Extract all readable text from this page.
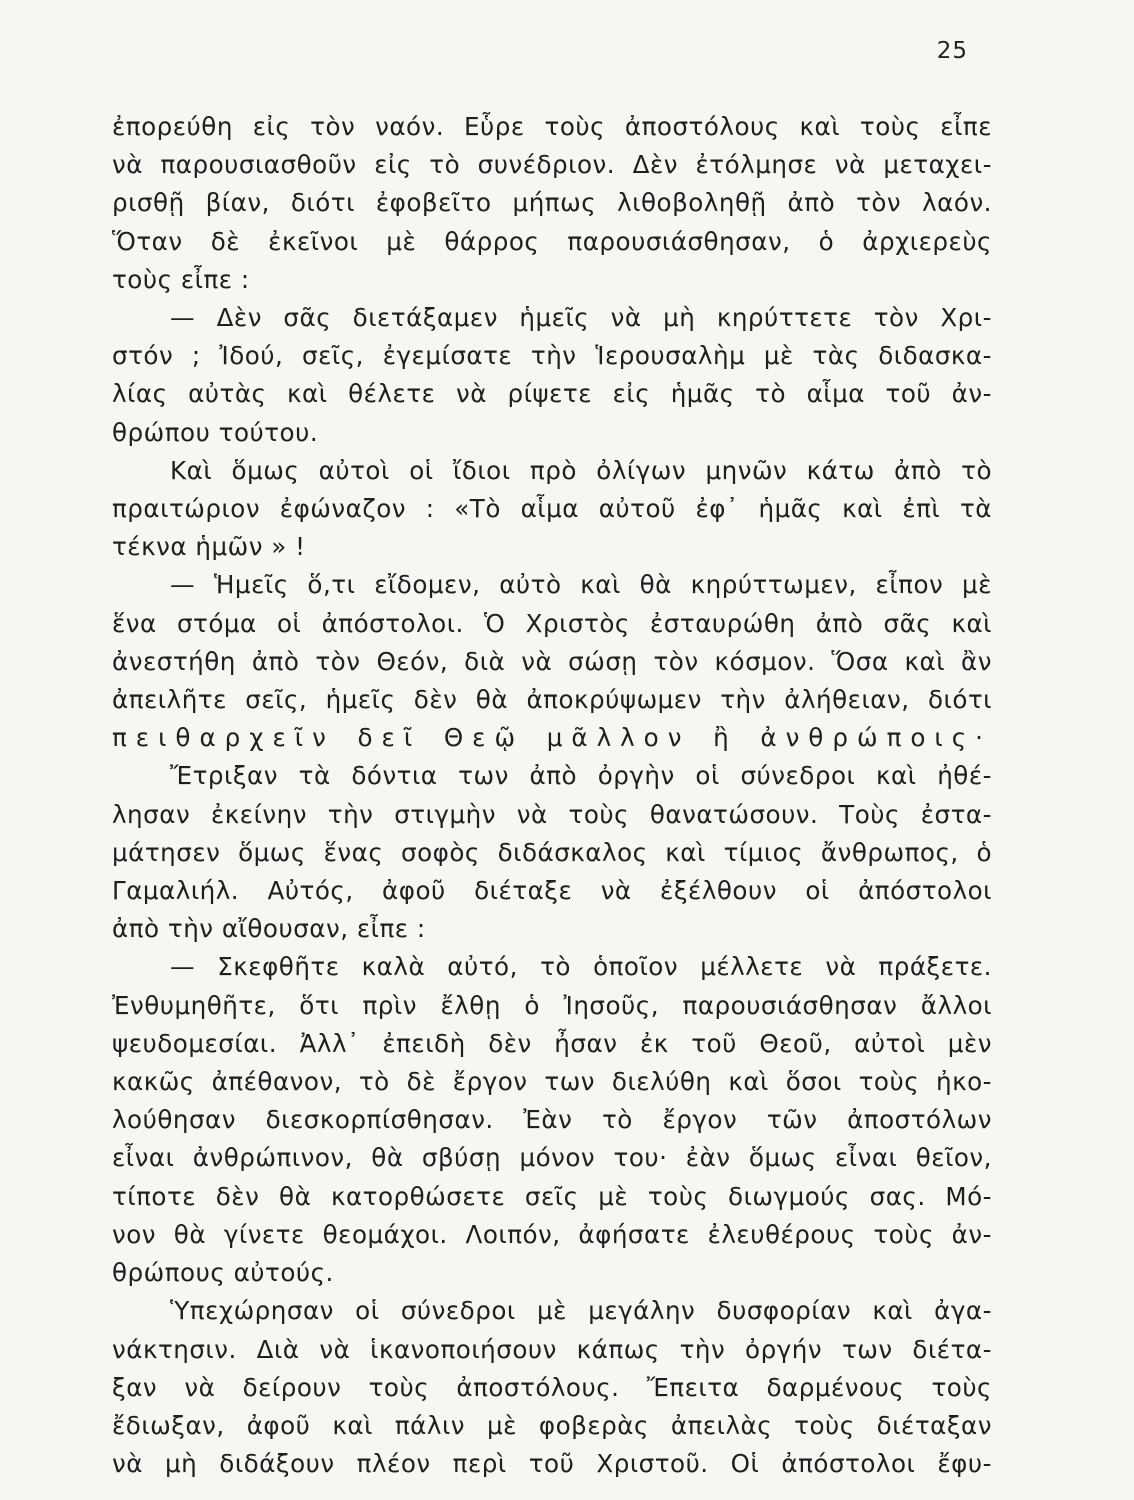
25
ἐπορεύθη εἰς τὸν ναόν. Εὗρε τοὺς ἀποστόλους καὶ τοὺς εἶπε
νὰ παρουσιασθοῦν εἰς τὸ συνέδριον. Δὲν ἐτόλμησε νὰ μεταχει-
ρισθῇ βίαν, διότι ἐφοβεῖτο μήπως λιθοβοληθῇ ἀπὸ τὸν λαόν.
Ὅταν δὲ ἐκεῖνοι μὲ θάρρος παρουσιάσθησαν, ὁ ἀρχιερεὺς
τοὺς εἶπε :
— Δὲν σᾶς διετάξαμεν ἡμεῖς νὰ μὴ κηρύττετε τὸν Χρι-
στόν ; Ἰδού, σεῖς, ἐγεμίσατε τὴν Ἱερουσαλὴμ μὲ τὰς διδασκα-
λίας αὐτὰς καὶ θέλετε νὰ ρίψετε εἰς ἡμᾶς τὸ αἷμα τοῦ ἀν-
θρώπου τούτου.
Καὶ ὅμως αὐτοὶ οἱ ἴδιοι πρὸ ὀλίγων μηνῶν κάτω ἀπὸ τὸ
πραιτώριον ἐφώναζον : «Τὸ αἷμα αὐτοῦ ἐφ᾽ ἡμᾶς καὶ ἐπὶ τὰ
τέκνα ἡμῶν » !
— Ἡμεῖς ὅ,τι εἴδομεν, αὐτὸ καὶ θὰ κηρύττωμεν, εἶπον μὲ
ἕνα στόμα οἱ ἀπόστολοι. Ὁ Χριστὸς ἐσταυρώθη ἀπὸ σᾶς καὶ
ἀνεστήθη ἀπὸ τὸν Θεόν, διὰ νὰ σώσῃ τὸν κόσμον. Ὅσα καὶ ἂν
ἀπειλῆτε σεῖς, ἡμεῖς δὲν θὰ ἀποκρύψωμεν τὴν ἀλήθειαν, διότι
πειθαρχεῖν δεῖ Θεῷ μᾶλλον ἢ ἀνθρώποις·
Ἔτριξαν τὰ δόντια των ἀπὸ ὀργὴν οἱ σύνεδροι καὶ ἠθέ-
λησαν ἐκείνην τὴν στιγμὴν νὰ τοὺς θανατώσουν. Τοὺς ἐστα-
μάτησεν ὅμως ἕνας σοφὸς διδάσκαλος καὶ τίμιος ἄνθρωπος, ὁ
Γαμαλιήλ. Αὐτός, ἀφοῦ διέταξε νὰ ἐξέλθουν οἱ ἀπόστολοι
ἀπὸ τὴν αἴθουσαν, εἶπε :
— Σκεφθῆτε καλὰ αὐτό, τὸ ὁποῖον μέλλετε νὰ πράξετε.
Ἐνθυμηθῆτε, ὅτι πρὶν ἔλθῃ ὁ Ἰησοῦς, παρουσιάσθησαν ἄλλοι
ψευδομεσίαι. Ἀλλ᾽ ἐπειδὴ δὲν ἦσαν ἐκ τοῦ Θεοῦ, αὐτοὶ μὲν
κακῶς ἀπέθανον, τὸ δὲ ἔργον των διελύθη καὶ ὅσοι τοὺς ἠκο-
λούθησαν διεσκορπίσθησαν. Ἐὰν τὸ ἔργον τῶν ἀποστόλων
εἶναι ἀνθρώπινον, θὰ σβύσῃ μόνον του· ἐὰν ὅμως εἶναι θεῖον,
τίποτε δὲν θὰ κατορθώσετε σεῖς μὲ τοὺς διωγμούς σας. Μό-
νον θὰ γίνετε θεομάχοι. Λοιπόν, ἀφήσατε ἐλευθέρους τοὺς ἀν-
θρώπους αὐτούς.
Ὑπεχώρησαν οἱ σύνεδροι μὲ μεγάλην δυσφορίαν καὶ ἀγα-
νάκτησιν. Διὰ νὰ ἱκανοποιήσουν κάπως τὴν ὀργήν των διέτα-
ξαν νὰ δείρουν τοὺς ἀποστόλους. Ἔπειτα δαρμένους τοὺς
ἔδιωξαν, ἀφοῦ καὶ πάλιν μὲ φοβερὰς ἀπειλὰς τοὺς διέταξαν
νὰ μὴ διδάξουν πλέον περὶ τοῦ Χριστοῦ. Οἱ ἀπόστολοι ἔφυ-
